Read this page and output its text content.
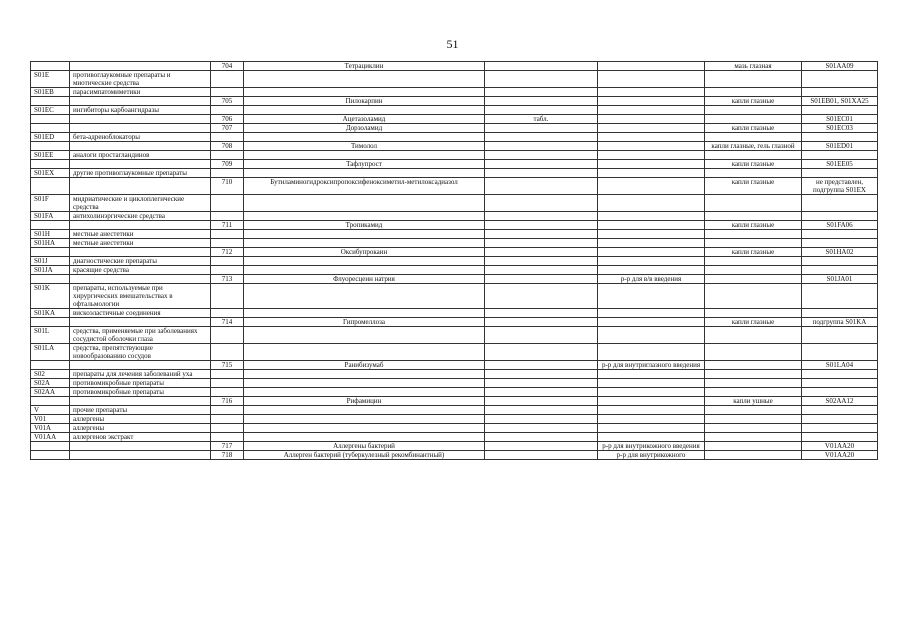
51
		704	Тетрациклин			мазь глазная	S01AA09
S01E	противоглаукомные препараты и миотические средства						
S01EB	парасимпатомиметики						
		705	Пилокарпин			капли глазные	S01EB01, S01XA25
S01EC	ингибиторы карбоангидразы						
		706	Ацетазоламид	табл.			S01EC01
		707	Дорзоламид			капли глазные	S01EC03
S01ED	бета-адреноблокаторы						
		708	Тимолол			капли глазные, гель глазной	S01ED01
S01EE	аналоги простагландинов						
		709	Тафлупрост			капли глазные	S01EE05
S01EX	другие противоглаукомные препараты						
		710	Бутиламиногидроксипропоксифеноксиметил-метилоксадиазол			капли глазные	не представлен, подгруппа S01EX
S01F	мидриатические и циклоплегические средства						
S01FA	антихолинэргические средства						
		711	Тропикамид			капли глазные	S01FA06
S01H	местные анестетики						
S01HA	местные анестетики						
		712	Оксибупрокаин			капли глазные	S01HA02
S01J	диагностические препараты						
S01JA	красящие средства						
		713	Флуоресцеин натрия		р-р для в/в введения		S01JA01
S01K	препараты, используемые при хирургических вмешательствах в офтальмологии						
S01KA	вискоэластичные соединения						
		714	Гипромеллоза			капли глазные	подгруппа S01KA
S01L	средства, применяемые при заболеваниях сосудистой оболочки глаза						
S01LA	средства, препятствующие новообразованию сосудов						
		715	Ранибизумаб		р-р для внутриглазного введения		S01LA04
S02	препараты для лечения заболеваний уха						
S02A	противомикробные препараты						
S02AA	противомикробные препараты						
		716	Рифамицин			капли ушные	S02AA12
V	прочие препараты						
V01	аллергены						
V01A	аллергены						
V01AA	аллергенов экстракт						
		717	Аллергены бактерий		р-р для внутрикожного введения		V01AA20
		718	Аллерген бактерий (туберкулезный рекомбинантный)		р-р для внутрикожного		V01AA20
